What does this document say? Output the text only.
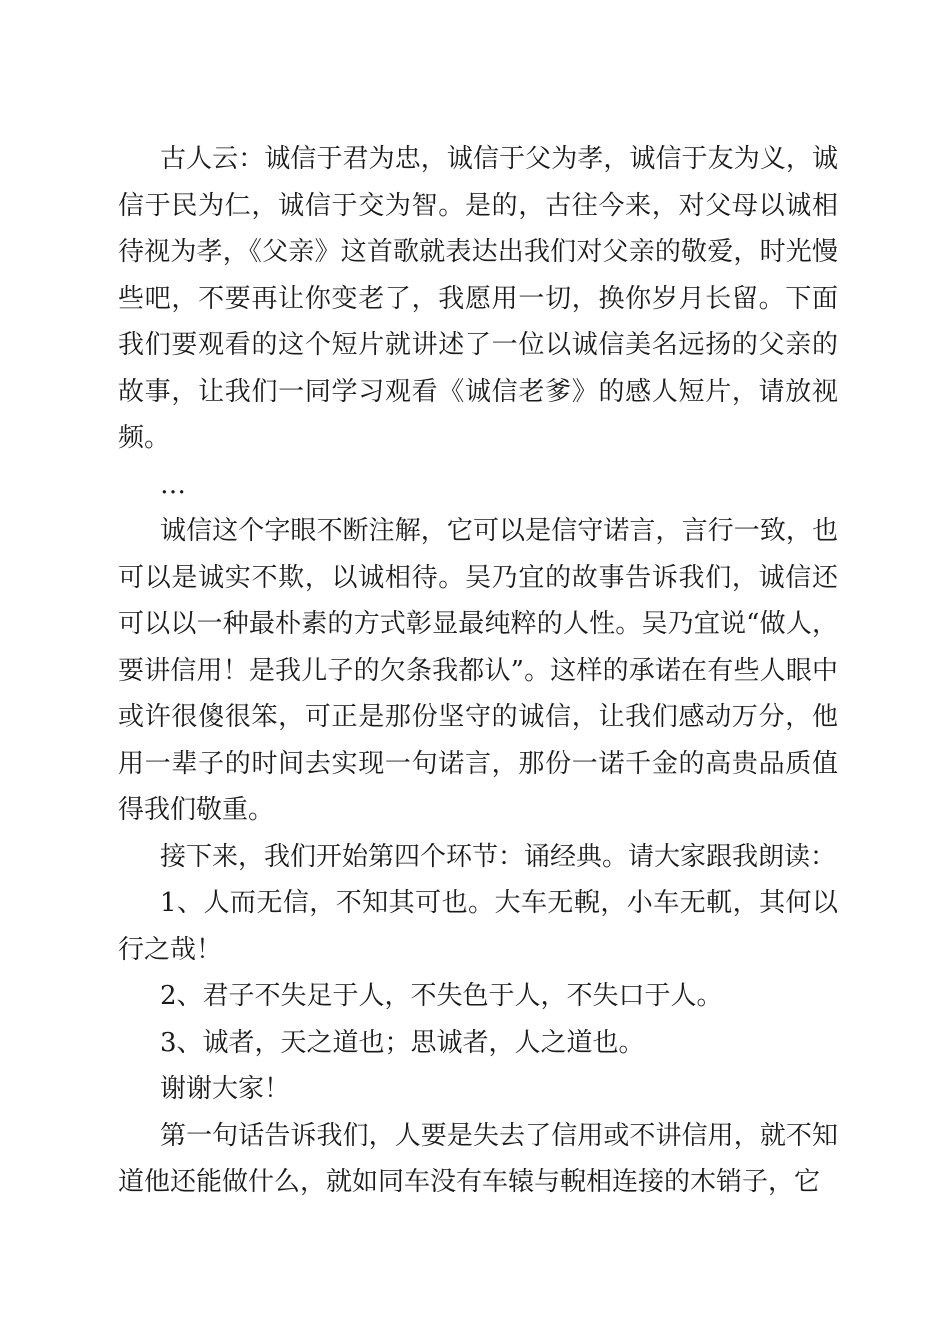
古人云：诚信于君为忠，诚信于父为孝，诚信于友为义，诚信于民为仁，诚信于交为智。是的，古往今来，对父母以诚相待视为孝，《父亲》这首歌就表达出我们对父亲的敬爱，时光慢些吧，不要再让你变老了，我愿用一切，换你岁月长留。下面我们要观看的这个短片就讲述了一位以诚信美名远扬的父亲的故事，让我们一同学习观看《诚信老爹》的感人短片，请放视频。

…

诚信这个字眼不断注解，它可以是信守诺言，言行一致，也可以是诚实不欺，以诚相待。吴乃宜的故事告诉我们，诚信还可以以一种最朴素的方式彰显最纯粹的人性。吴乃宜说“做人，要讲信用！是我儿子的欠条我都认”。这样的承诺在有些人眼中或许很傻很笨，可正是那份坚守的诚信，让我们感动万分，他用一辈子的时间去实现一句诺言，那份一诺千金的高贵品质值得我们敬重。

接下来，我们开始第四个环节：诵经典。请大家跟我朗读：

1、人而无信，不知其可也。大车无輗，小车无軏，其何以行之哉！

2、君子不失足于人，不失色于人，不失口于人。

3、诚者，天之道也；思诚者，人之道也。

谢谢大家！

第一句话告诉我们，人要是失去了信用或不讲信用，就不知道他还能做什么，就如同车没有车辕与輗相连接的木销子，它
